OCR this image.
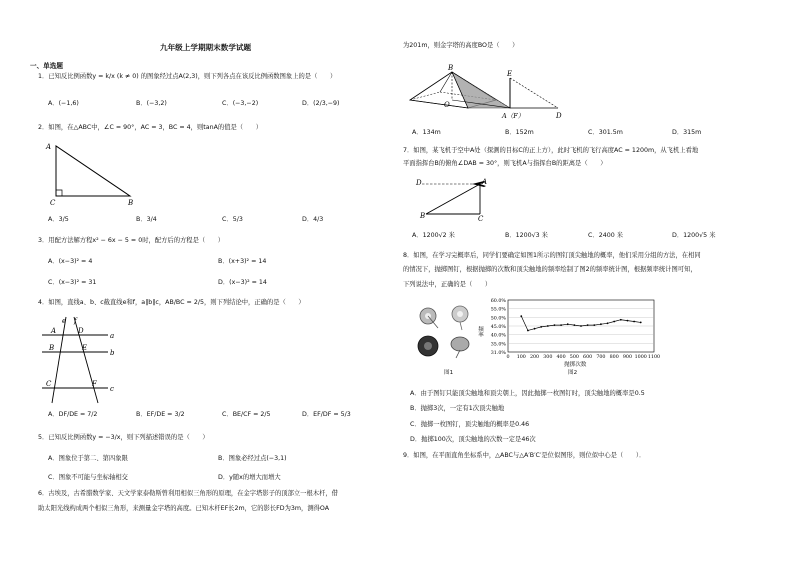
九年级上学期期末数学试题
一、单选题
1．已知反比例函数y = k/x (k ≠ 0) 的图象经过点A(2,3)，则下列各点在该反比例函数图象上的是（　　）
A．(−1,6)	B．(−3,2)	C．(−3,−2)	D．(2/3,−9)
2．如图，在△ABC中，∠C = 90°，AC = 3，BC = 4，则tanA的值是（　　）
A
C	B
A．3/5	B．3/4	C．5/3	D．4/3
3．用配方法解方程x² − 6x − 5 = 0时，配方后的方程是（　　）
A．(x−3)² = 4	B．(x+3)² = 14
C．(x−3)² = 31	D．(x−3)² = 14
4．如图，直线a、b、c截直线e和f，a∥b∥c，AB/BC = 2/5，则下列结论中，正确的是（　　）
e f
A	D
a
B	E
b
C	F
c
A．DF/DE = 7/2	B．EF/DE = 3/2	C．BE/CF = 2/5	D．EF/DF = 5/3
5．已知反比例函数y = −3/x，则下列描述错误的是（　　）
A．图象位于第二、第四象限	B．图象必经过点(−3,1)
C．图象不可能与坐标轴相交	D．y随x的增大而增大
6．古埃及，古希腊数学家、天文学家泰勒斯曾利用相似三角形的原理，在金字塔影子的顶部立一根木杆，借
助太阳光线构成两个相似三角形，来测量金字塔的高度。已知木杆EF长2m，它的影长FD为3m，测得OA
为201m，则金字塔的高度BO是（　　）
B
E
O
A（F）	D
A．134m	B．152m	C．301.5m	D．315m
7．如图，某飞机于空中A处（探测的目标C的正上方），此时飞机的飞行高度AC = 1200m，从飞机上看地
平面指挥台B的俯角∠DAB = 30°，则飞机A与指挥台B的距离是（　　）
D	A
B	C
A．1200√2 米	B．1200√3 米	C．2400 米	D．1200√5 米
8．如图，在学习完概率后，同学们要确定如图1所示的图钉顶尖触地的概率，他们采用分组的方法，在相同
的情况下，抛掷图钉，根据抛掷的次数和顶尖触地的频率绘制了图2的频率统计图，根据频率统计图可知，
下列说法中，正确的是（　　）
图1
60.0%
55.0%
50.0%
45.0%
40.0%
35.0%
31.0%
0 100 200 300 400 500 600 700 800 900 1000 1100
频率
抛掷次数
图2
A．由于图钉只能顶尖触地和顶尖朝上，因此抛掷一枚图钉时，顶尖触地的概率是0.5
B．抛掷3次，一定有1次顶尖触地
C．抛掷一枚图钉，顶尖触地的概率是0.46
D．抛掷100次，顶尖触地的次数一定是46次
9．如图，在平面直角坐标系中，△ABC与△A′B′C′是位似图形，则位似中心是（　　）．
